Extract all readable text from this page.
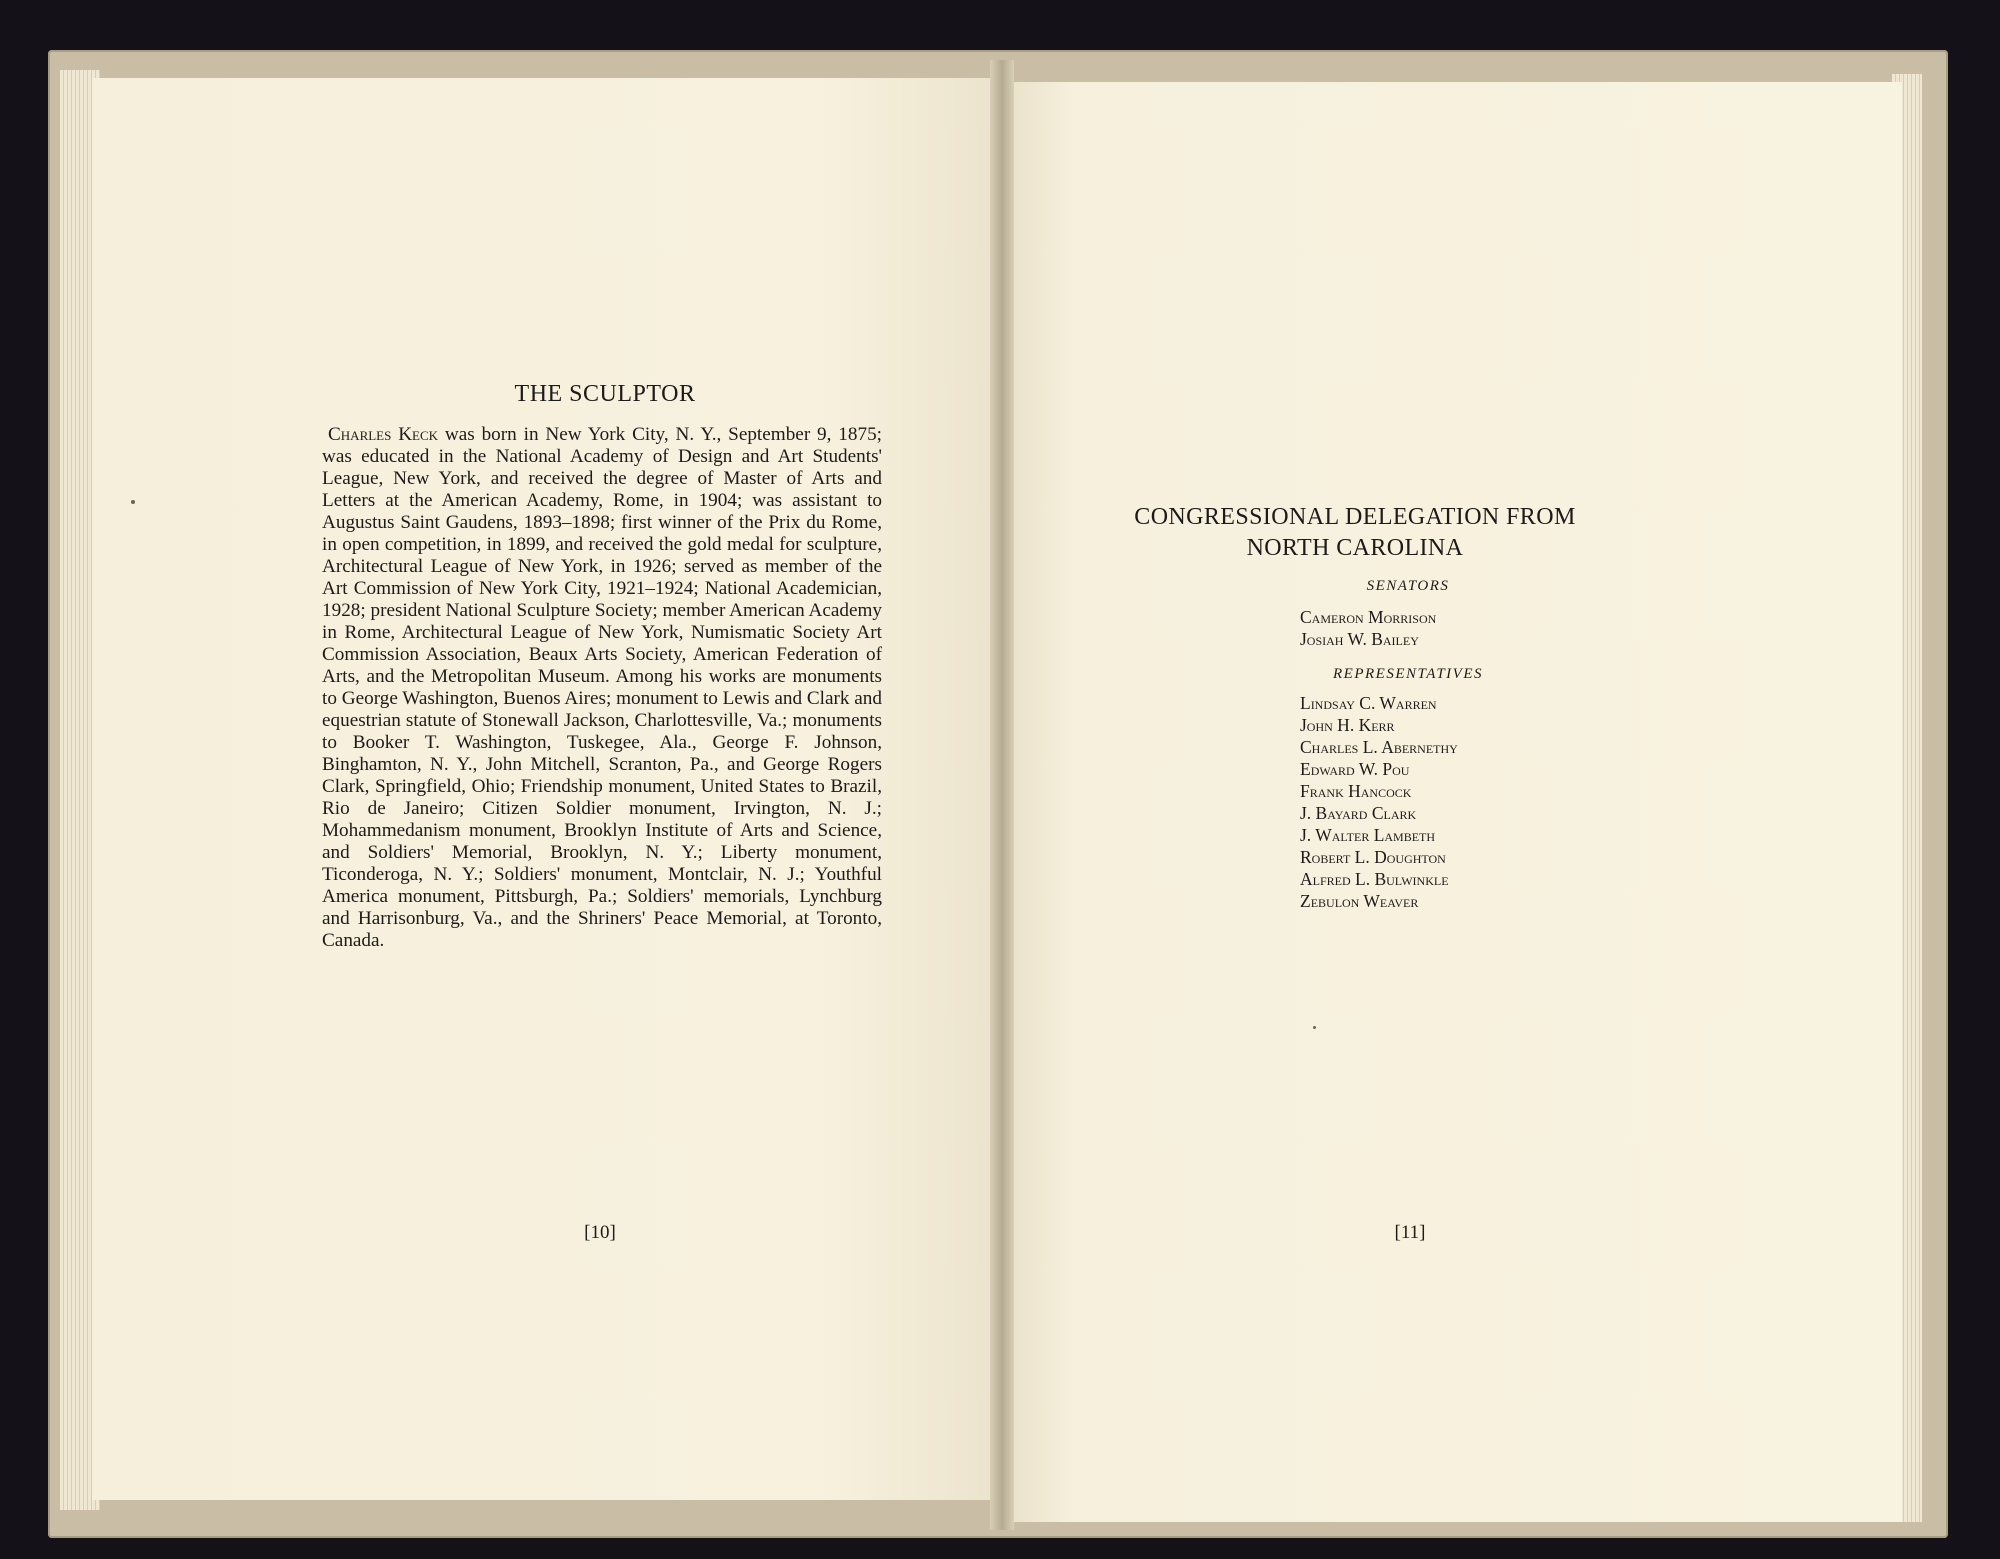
THE SCULPTOR

Charles Keck was born in New York City, N. Y., September 9, 1875; was educated in the National Academy of Design and Art Students' League, New York, and received the degree of Master of Arts and Letters at the American Academy, Rome, in 1904; was assistant to Augustus Saint Gaudens, 1893–1898; first winner of the Prix du Rome, in open competition, in 1899, and received the gold medal for sculpture, Architectural League of New York, in 1926; served as member of the Art Commission of New York City, 1921–1924; National Academician, 1928; president National Sculpture Society; member American Academy in Rome, Architectural League of New York, Numismatic Society Art Commission Association, Beaux Arts Society, American Federation of Arts, and the Metropolitan Museum. Among his works are monuments to George Washington, Buenos Aires; monument to Lewis and Clark and equestrian statute of Stonewall Jackson, Charlottesville, Va.; monuments to Booker T. Washington, Tuskegee, Ala., George F. Johnson, Binghamton, N. Y., John Mitchell, Scranton, Pa., and George Rogers Clark, Springfield, Ohio; Friendship monument, United States to Brazil, Rio de Janeiro; Citizen Soldier monument, Irvington, N. J.; Mohammedanism monument, Brooklyn Institute of Arts and Science, and Soldiers' Memorial, Brooklyn, N. Y.; Liberty monument, Ticonderoga, N. Y.; Soldiers' monument, Montclair, N. J.; Youthful America monument, Pittsburgh, Pa.; Soldiers' memorials, Lynchburg and Harrisonburg, Va., and the Shriners' Peace Memorial, at Toronto, Canada.

[10]
CONGRESSIONAL DELEGATION FROM
NORTH CAROLINA
SENATORS
Cameron Morrison
Josiah W. Bailey
REPRESENTATIVES
Lindsay C. Warren
John H. Kerr
Charles L. Abernethy
Edward W. Pou
Frank Hancock
J. Bayard Clark
J. Walter Lambeth
Robert L. Doughton
Alfred L. Bulwinkle
Zebulon Weaver
[11]
